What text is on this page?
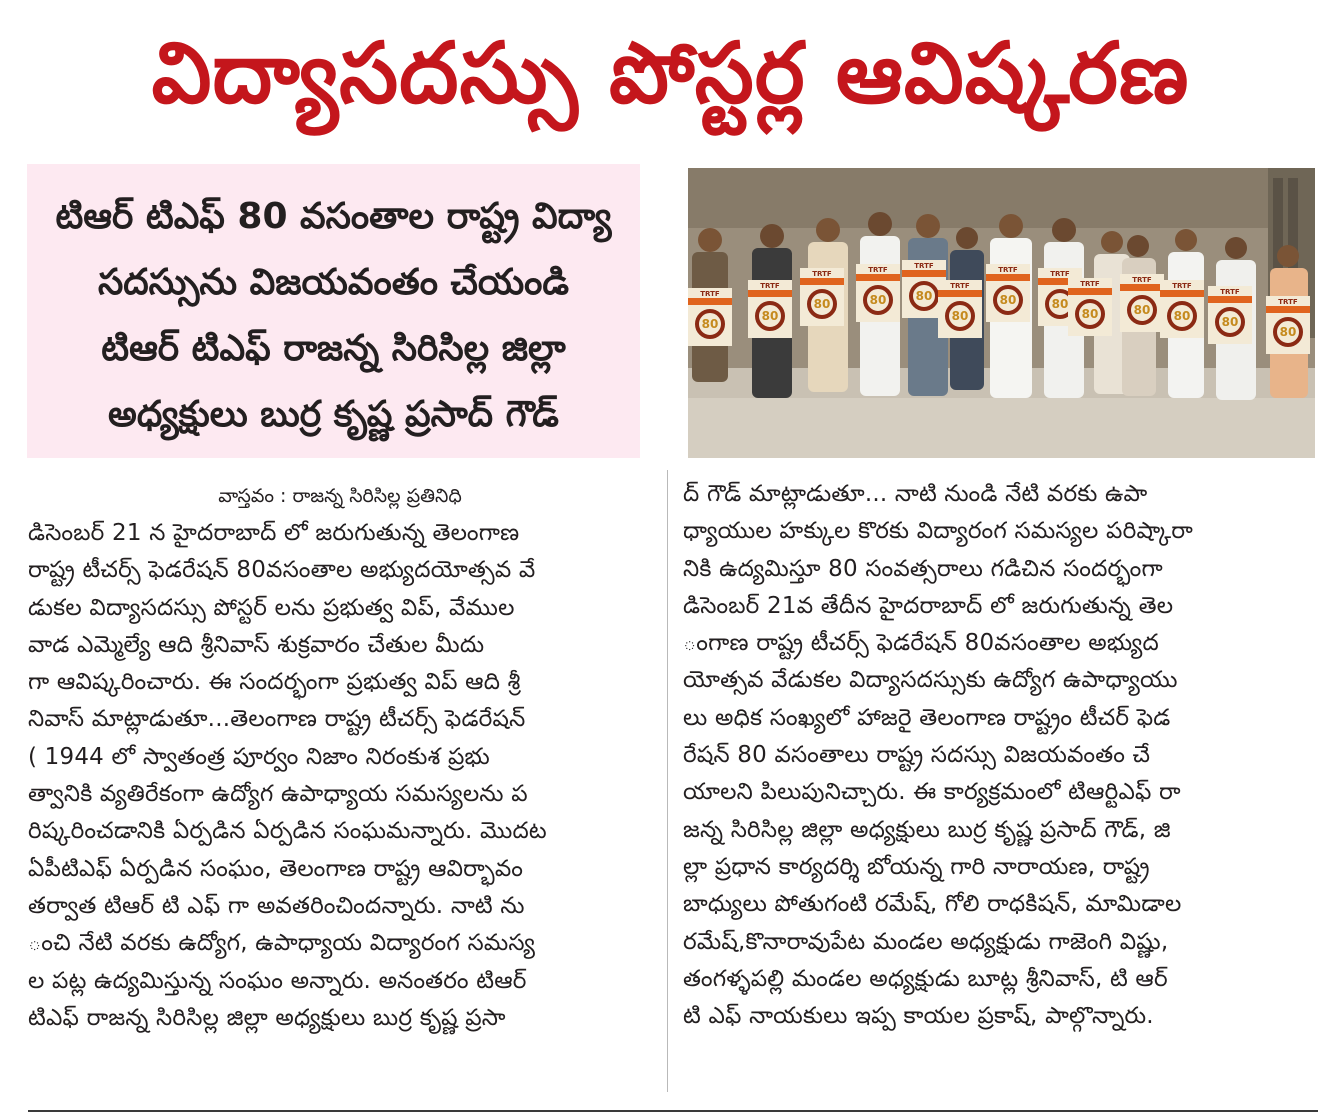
విద్యాసదస్సు పోస్టర్ల ఆవిష్కరణ
టిఆర్ టిఎఫ్ 80 వసంతాల రాష్ట్ర విద్యా
సదస్సును విజయవంతం చేయండి
టిఆర్ టిఎఫ్ రాజన్న సిరిసిల్ల జిల్లా
అధ్యక్షులు బుర్ర కృష్ణ ప్రసాద్ గౌడ్
TRTF
80
TRTF
80
TRTF
80
TRTF
80
TRTF
80
TRTF
80
TRTF
80
TRTF
80
TRTF
80
TRTF
80
TRTF
80
TRTF
80
TRTF
80
వాస్తవం : రాజన్న సిరిసిల్ల ప్రతినిధి
డిసెంబర్ 21 న హైదరాబాద్ లో జరుగుతున్న తెలంగాణ
రాష్ట్ర టీచర్స్ ఫెడరేషన్ 80వసంతాల అభ్యుదయోత్సవ వే
డుకల విద్యాసదస్సు పోస్టర్ లను ప్రభుత్వ విప్, వేముల
వాడ ఎమ్మెల్యే ఆది శ్రీనివాస్ శుక్రవారం చేతుల మీదు
గా ఆవిష్కరించారు. ఈ సందర్భంగా ప్రభుత్వ విప్ ఆది శ్రీ
నివాస్ మాట్లాడుతూ...తెలంగాణ రాష్ట్ర టీచర్స్ ఫెడరేషన్
( 1944 లో స్వాతంత్ర పూర్వం నిజాం నిరంకుశ ప్రభు
త్వానికి వ్యతిరేకంగా ఉద్యోగ ఉపాధ్యాయ సమస్యలను ప
రిష్కరించడానికి ఏర్పడిన ఏర్పడిన సంఘమన్నారు. మొదట
ఏపీటిఎఫ్ ఏర్పడిన సంఘం, తెలంగాణ రాష్ట్ర ఆవిర్భావం
తర్వాత టిఆర్ టి ఎఫ్ గా అవతరించిందన్నారు. నాటి ను
ంచి నేటి వరకు ఉద్యోగ, ఉపాధ్యాయ విద్యారంగ సమస్య
ల పట్ల ఉద్యమిస్తున్న సంఘం అన్నారు. అనంతరం టిఆర్
టిఎఫ్ రాజన్న సిరిసిల్ల జిల్లా అధ్యక్షులు బుర్ర కృష్ణ ప్రసా
ద్ గౌడ్ మాట్లాడుతూ... నాటి నుండి నేటి వరకు ఉపా
ధ్యాయుల హక్కుల కొరకు విద్యారంగ సమస్యల పరిష్కారా
నికి ఉద్యమిస్తూ 80 సంవత్సరాలు గడిచిన సందర్భంగా
డిసెంబర్ 21వ తేదీన హైదరాబాద్ లో జరుగుతున్న తెల
ంగాణ రాష్ట్ర టీచర్స్ ఫెడరేషన్ 80వసంతాల అభ్యుద
యోత్సవ వేడుకల విద్యాసదస్సుకు ఉద్యోగ ఉపాధ్యాయు
లు అధిక సంఖ్యలో హాజరై తెలంగాణ రాష్ట్రం టీచర్ ఫెడ
రేషన్ 80 వసంతాలు రాష్ట్ర సదస్సు విజయవంతం చే
యాలని పిలుపునిచ్చారు. ఈ కార్యక్రమంలో టిఆర్టిఎఫ్ రా
జన్న సిరిసిల్ల జిల్లా అధ్యక్షులు బుర్ర కృష్ణ ప్రసాద్ గౌడ్, జి
ల్లా ప్రధాన కార్యదర్శి బోయన్న గారి నారాయణ, రాష్ట్ర
బాధ్యులు పోతుగంటి రమేష్, గోలి రాధకిషన్, మామిడాల
రమేష్,కొనారావుపేట మండల అధ్యక్షుడు గాజెంగి విష్ణు,
తంగళ్ళపల్లి మండల అధ్యక్షుడు బూట్ల శ్రీనివాస్, టి ఆర్
టి ఎఫ్ నాయకులు ఇప్ప కాయల ప్రకాష్, పాల్గొన్నారు.
